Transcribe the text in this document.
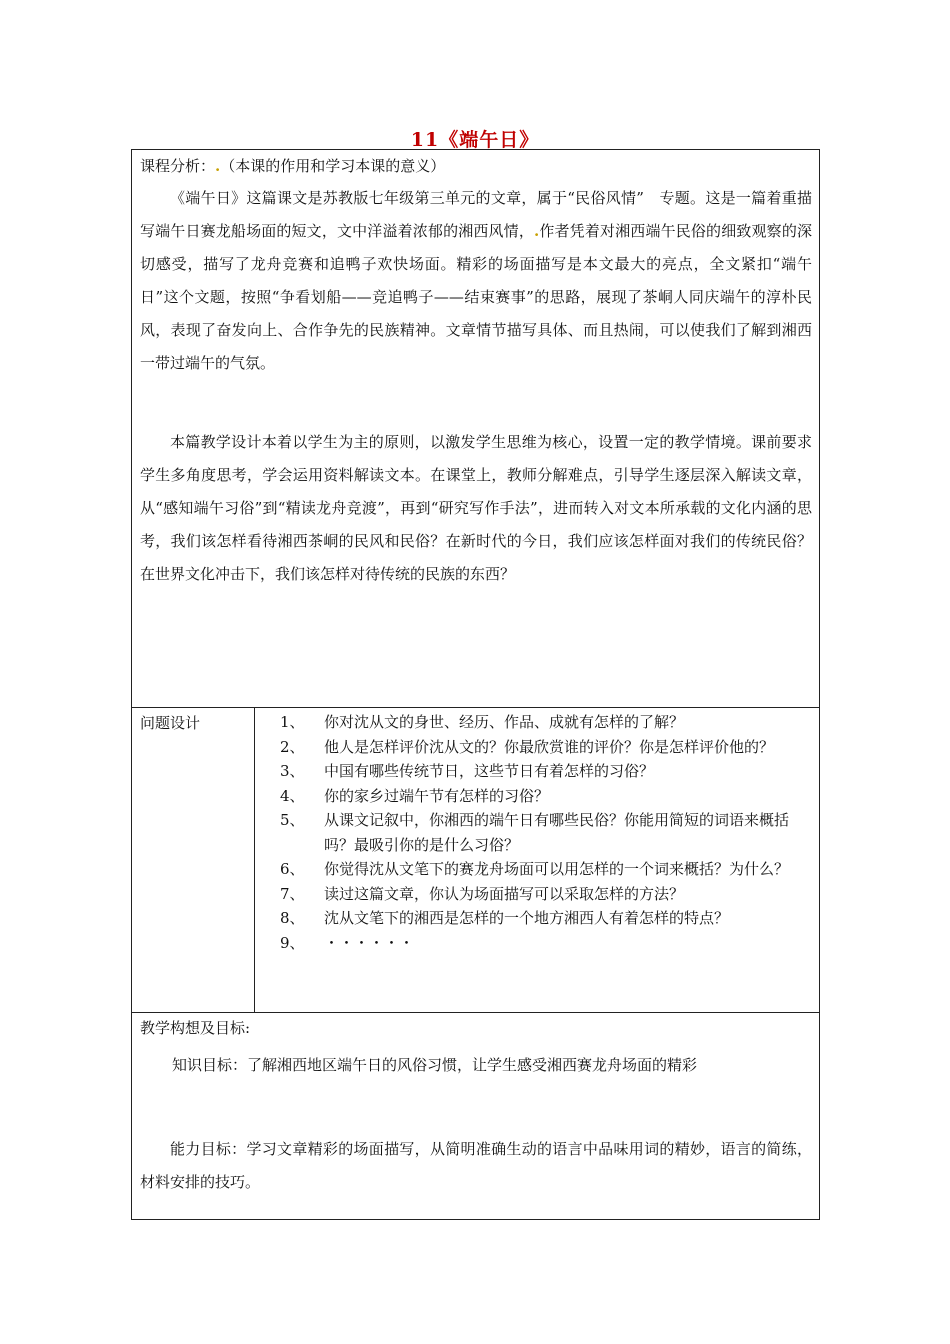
11《端午日》
课程分析：.（本课的作用和学习本课的意义）
《端午日》这篇课文是苏教版七年级第三单元的文章，属于“民俗风情”　专题。这是一篇着重描写端午日赛龙船场面的短文，文中洋溢着浓郁的湘西风情，.作者凭着对湘西端午民俗的细致观察的深切感受，描写了龙舟竞赛和追鸭子欢快场面。精彩的场面描写是本文最大的亮点，全文紧扣“端午日”这个文题，按照“争看划船——竞追鸭子——结束赛事”的思路，展现了茶峒人同庆端午的淳朴民风，表现了奋发向上、合作争先的民族精神。文章情节描写具体、而且热闹，可以使我们了解到湘西一带过端午的气氛。
本篇教学设计本着以学生为主的原则，以激发学生思维为核心，设置一定的教学情境。课前要求学生多角度思考，学会运用资料解读文本。在课堂上，教师分解难点，引导学生逐层深入解读文章，从“感知端午习俗”到“精读龙舟竞渡”，再到“研究写作手法”，进而转入对文本所承载的文化内涵的思考，我们该怎样看待湘西茶峒的民风和民俗？在新时代的今日，我们应该怎样面对我们的传统民俗？在世界文化冲击下，我们该怎样对待传统的民族的东西？
问题设计	1、	你对沈从文的身世、经历、作品、成就有怎样的了解？
2、	他人是怎样评价沈从文的？你最欣赏谁的评价？你是怎样评价他的？
3、	中国有哪些传统节日，这些节日有着怎样的习俗？
4、	你的家乡过端午节有怎样的习俗？
5、	从课文记叙中，你湘西的端午日有哪些民俗？你能用简短的词语来概括吗？最吸引你的是什么习俗？
6、	你觉得沈从文笔下的赛龙舟场面可以用怎样的一个词来概括？为什么？
7、	读过这篇文章，你认为场面描写可以采取怎样的方法？
8、	沈从文笔下的湘西是怎样的一个地方湘西人有着怎样的特点？
9、	・・・・・・
教学构想及目标:
知识目标：了解湘西地区端午日的风俗习惯，让学生感受湘西赛龙舟场面的精彩
能力目标：学习文章精彩的场面描写，从简明准确生动的语言中品味用词的精妙，语言的简练，材料安排的技巧。
